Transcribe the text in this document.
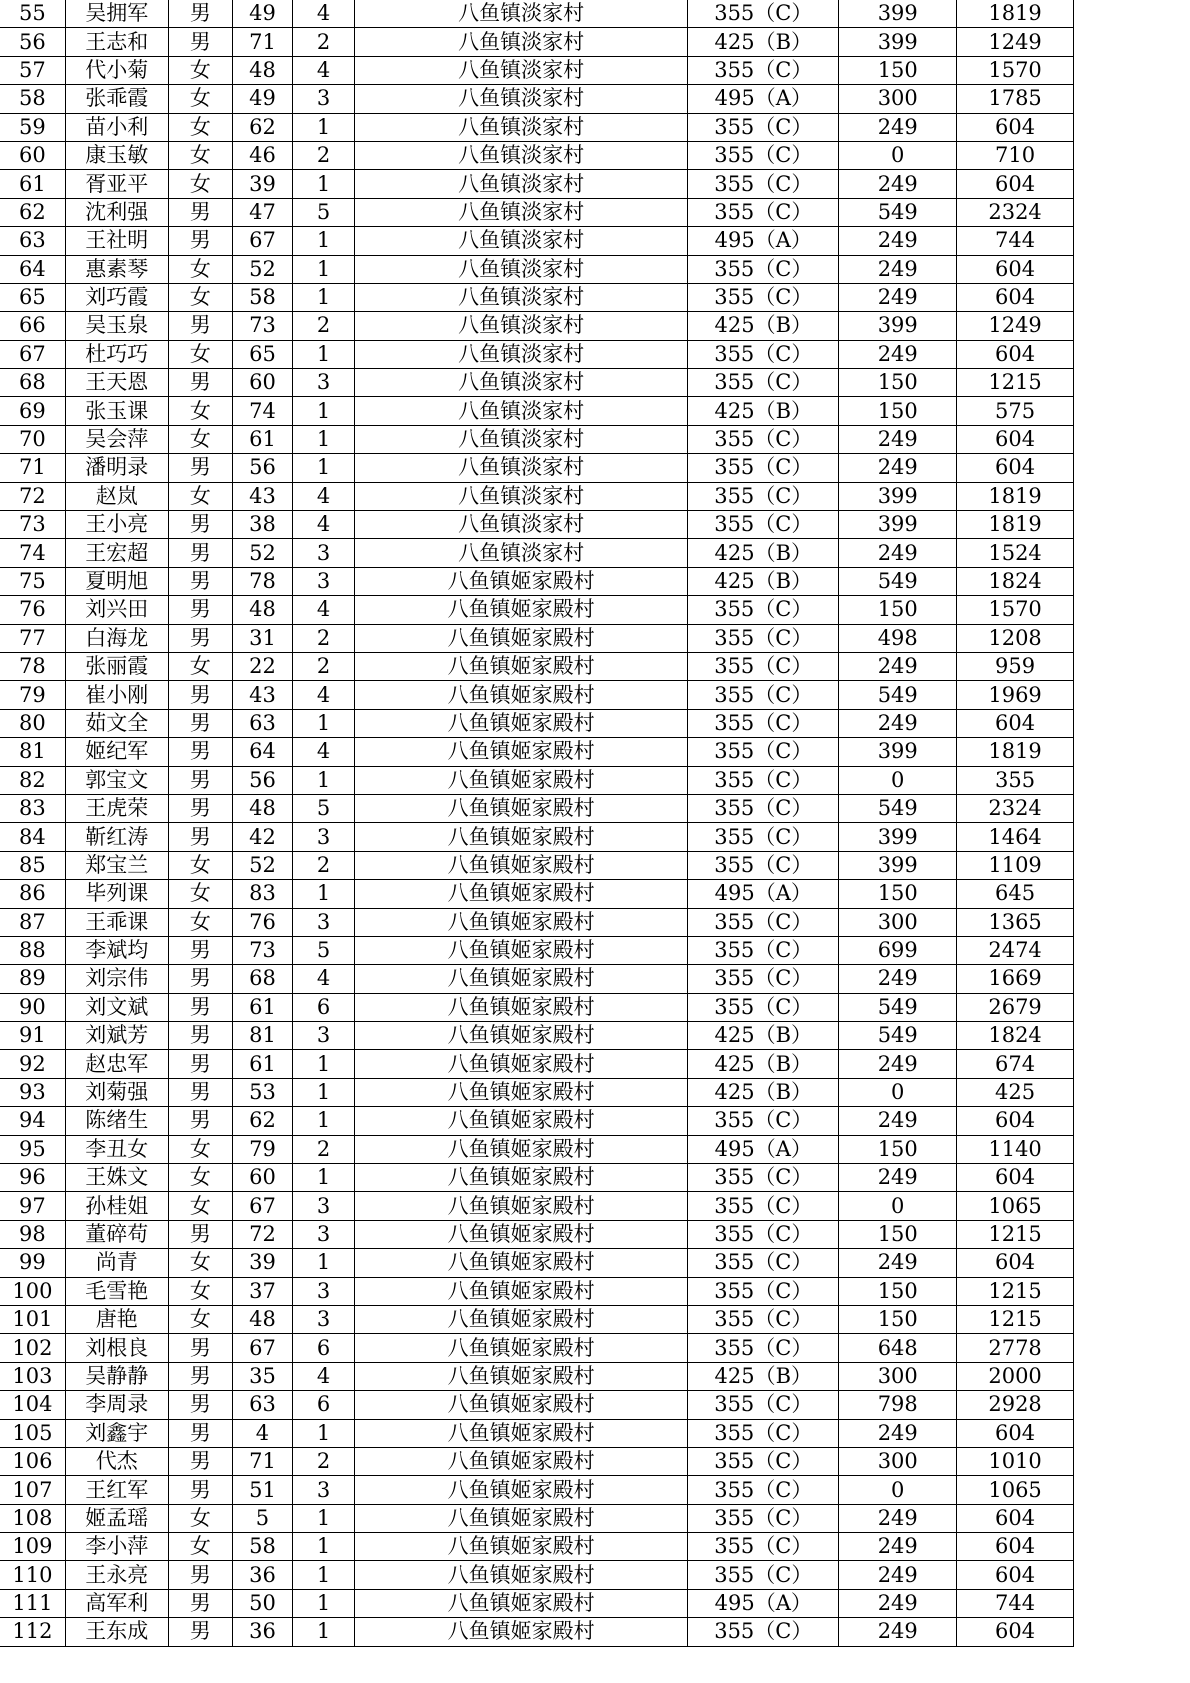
55	吴拥军	男	49	4	八鱼镇淡家村	355（C）	399	1819
56	王志和	男	71	2	八鱼镇淡家村	425（B）	399	1249
57	代小菊	女	48	4	八鱼镇淡家村	355（C）	150	1570
58	张乖霞	女	49	3	八鱼镇淡家村	495（A）	300	1785
59	苗小利	女	62	1	八鱼镇淡家村	355（C）	249	604
60	康玉敏	女	46	2	八鱼镇淡家村	355（C）	0	710
61	胥亚平	女	39	1	八鱼镇淡家村	355（C）	249	604
62	沈利强	男	47	5	八鱼镇淡家村	355（C）	549	2324
63	王社明	男	67	1	八鱼镇淡家村	495（A）	249	744
64	惠素琴	女	52	1	八鱼镇淡家村	355（C）	249	604
65	刘巧霞	女	58	1	八鱼镇淡家村	355（C）	249	604
66	吴玉泉	男	73	2	八鱼镇淡家村	425（B）	399	1249
67	杜巧巧	女	65	1	八鱼镇淡家村	355（C）	249	604
68	王天恩	男	60	3	八鱼镇淡家村	355（C）	150	1215
69	张玉课	女	74	1	八鱼镇淡家村	425（B）	150	575
70	吴会萍	女	61	1	八鱼镇淡家村	355（C）	249	604
71	潘明录	男	56	1	八鱼镇淡家村	355（C）	249	604
72	赵岚	女	43	4	八鱼镇淡家村	355（C）	399	1819
73	王小亮	男	38	4	八鱼镇淡家村	355（C）	399	1819
74	王宏超	男	52	3	八鱼镇淡家村	425（B）	249	1524
75	夏明旭	男	78	3	八鱼镇姬家殿村	425（B）	549	1824
76	刘兴田	男	48	4	八鱼镇姬家殿村	355（C）	150	1570
77	白海龙	男	31	2	八鱼镇姬家殿村	355（C）	498	1208
78	张丽霞	女	22	2	八鱼镇姬家殿村	355（C）	249	959
79	崔小刚	男	43	4	八鱼镇姬家殿村	355（C）	549	1969
80	茹文全	男	63	1	八鱼镇姬家殿村	355（C）	249	604
81	姬纪军	男	64	4	八鱼镇姬家殿村	355（C）	399	1819
82	郭宝文	男	56	1	八鱼镇姬家殿村	355（C）	0	355
83	王虎荣	男	48	5	八鱼镇姬家殿村	355（C）	549	2324
84	靳红涛	男	42	3	八鱼镇姬家殿村	355（C）	399	1464
85	郑宝兰	女	52	2	八鱼镇姬家殿村	355（C）	399	1109
86	毕列课	女	83	1	八鱼镇姬家殿村	495（A）	150	645
87	王乖课	女	76	3	八鱼镇姬家殿村	355（C）	300	1365
88	李斌均	男	73	5	八鱼镇姬家殿村	355（C）	699	2474
89	刘宗伟	男	68	4	八鱼镇姬家殿村	355（C）	249	1669
90	刘文斌	男	61	6	八鱼镇姬家殿村	355（C）	549	2679
91	刘斌芳	男	81	3	八鱼镇姬家殿村	425（B）	549	1824
92	赵忠军	男	61	1	八鱼镇姬家殿村	425（B）	249	674
93	刘菊强	男	53	1	八鱼镇姬家殿村	425（B）	0	425
94	陈绪生	男	62	1	八鱼镇姬家殿村	355（C）	249	604
95	李丑女	女	79	2	八鱼镇姬家殿村	495（A）	150	1140
96	王姝文	女	60	1	八鱼镇姬家殿村	355（C）	249	604
97	孙桂姐	女	67	3	八鱼镇姬家殿村	355（C）	0	1065
98	董碎苟	男	72	3	八鱼镇姬家殿村	355（C）	150	1215
99	尚青	女	39	1	八鱼镇姬家殿村	355（C）	249	604
100	毛雪艳	女	37	3	八鱼镇姬家殿村	355（C）	150	1215
101	唐艳	女	48	3	八鱼镇姬家殿村	355（C）	150	1215
102	刘根良	男	67	6	八鱼镇姬家殿村	355（C）	648	2778
103	吴静静	男	35	4	八鱼镇姬家殿村	425（B）	300	2000
104	李周录	男	63	6	八鱼镇姬家殿村	355（C）	798	2928
105	刘鑫宇	男	4	1	八鱼镇姬家殿村	355（C）	249	604
106	代杰	男	71	2	八鱼镇姬家殿村	355（C）	300	1010
107	王红军	男	51	3	八鱼镇姬家殿村	355（C）	0	1065
108	姬孟瑶	女	5	1	八鱼镇姬家殿村	355（C）	249	604
109	李小萍	女	58	1	八鱼镇姬家殿村	355（C）	249	604
110	王永亮	男	36	1	八鱼镇姬家殿村	355（C）	249	604
111	高军利	男	50	1	八鱼镇姬家殿村	495（A）	249	744
112	王东成	男	36	1	八鱼镇姬家殿村	355（C）	249	604
